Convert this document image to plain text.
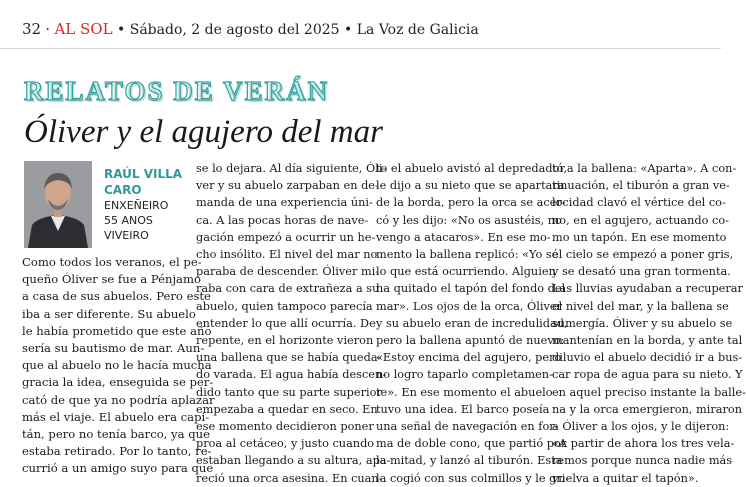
32 · AL SOL • Sábado, 2 de agosto del 2025 • La Voz de Galicia
RELATOS DE VERÁN
Óliver y el agujero del mar
RAÚL VILLA
CARO
ENXEÑEIRO
55 ANOS
VIVEIRO
Como todos los veranos, el pe-
queño Óliver se fue a Pénjamo
a casa de sus abuelos. Pero este
iba a ser diferente. Su abuelo
le había prometido que este año
sería su bautismo de mar. Aun-
que al abuelo no le hacía mucha
gracia la idea, enseguida se per-
cató de que ya no podría aplazar
más el viaje. El abuelo era capi-
tán, pero no tenía barco, ya que
estaba retirado. Por lo tanto, re-
currió a un amigo suyo para que
se lo dejara. Al día siguiente, Óli-
ver y su abuelo zarpaban en de-
manda de una experiencia úni-
ca. A las pocas horas de nave-
gación empezó a ocurrir un he-
cho insólito. El nivel del mar no
paraba de descender. Óliver mi-
raba con cara de extrañeza a su
abuelo, quien tampoco parecía
entender lo que allí ocurría. De
repente, en el horizonte vieron
una ballena que se había queda-
do varada. El agua había descen-
dido tanto que su parte superior
empezaba a quedar en seco. En
ese momento decidieron poner
proa al cetáceo, y justo cuando
estaban llegando a su altura, apa-
reció una orca asesina. En cuan-
to el abuelo avistó al depredador,
le dijo a su nieto que se apartara
de la borda, pero la orca se acer-
có y les dijo: «No os asustéis, no
vengo a atacaros». En ese mo-
mento la ballena replicó: «Yo sé
lo que está ocurriendo. Alguien
ha quitado el tapón del fondo del
mar». Los ojos de la orca, Óliver
y su abuelo eran de incredulidad,
pero la ballena apuntó de nuevo:
«Estoy encima del agujero, pero
no logro taparlo completamen-
te». En ese momento el abuelo
tuvo una idea. El barco poseía
una señal de navegación en for-
ma de doble cono, que partió por
la mitad, y lanzó al tiburón. Esta
la cogió con sus colmillos y le gri-
tó a la ballena: «Aparta». A con-
tinuación, el tiburón a gran ve-
locidad clavó el vértice del co-
no, en el agujero, actuando co-
mo un tapón. En ese momento
el cielo se empezó a poner gris,
y se desató una gran tormenta.
Las lluvias ayudaban a recuperar
el nivel del mar, y la ballena se
sumergía. Óliver y su abuelo se
mantenían en la borda, y ante tal
diluvio el abuelo decidió ir a bus-
car ropa de agua para su nieto. Y
en aquel preciso instante la balle-
na y la orca emergieron, miraron
a Óliver a los ojos, y le dijeron:
«A partir de ahora los tres vela-
remos porque nunca nadie más
vuelva a quitar el tapón».
